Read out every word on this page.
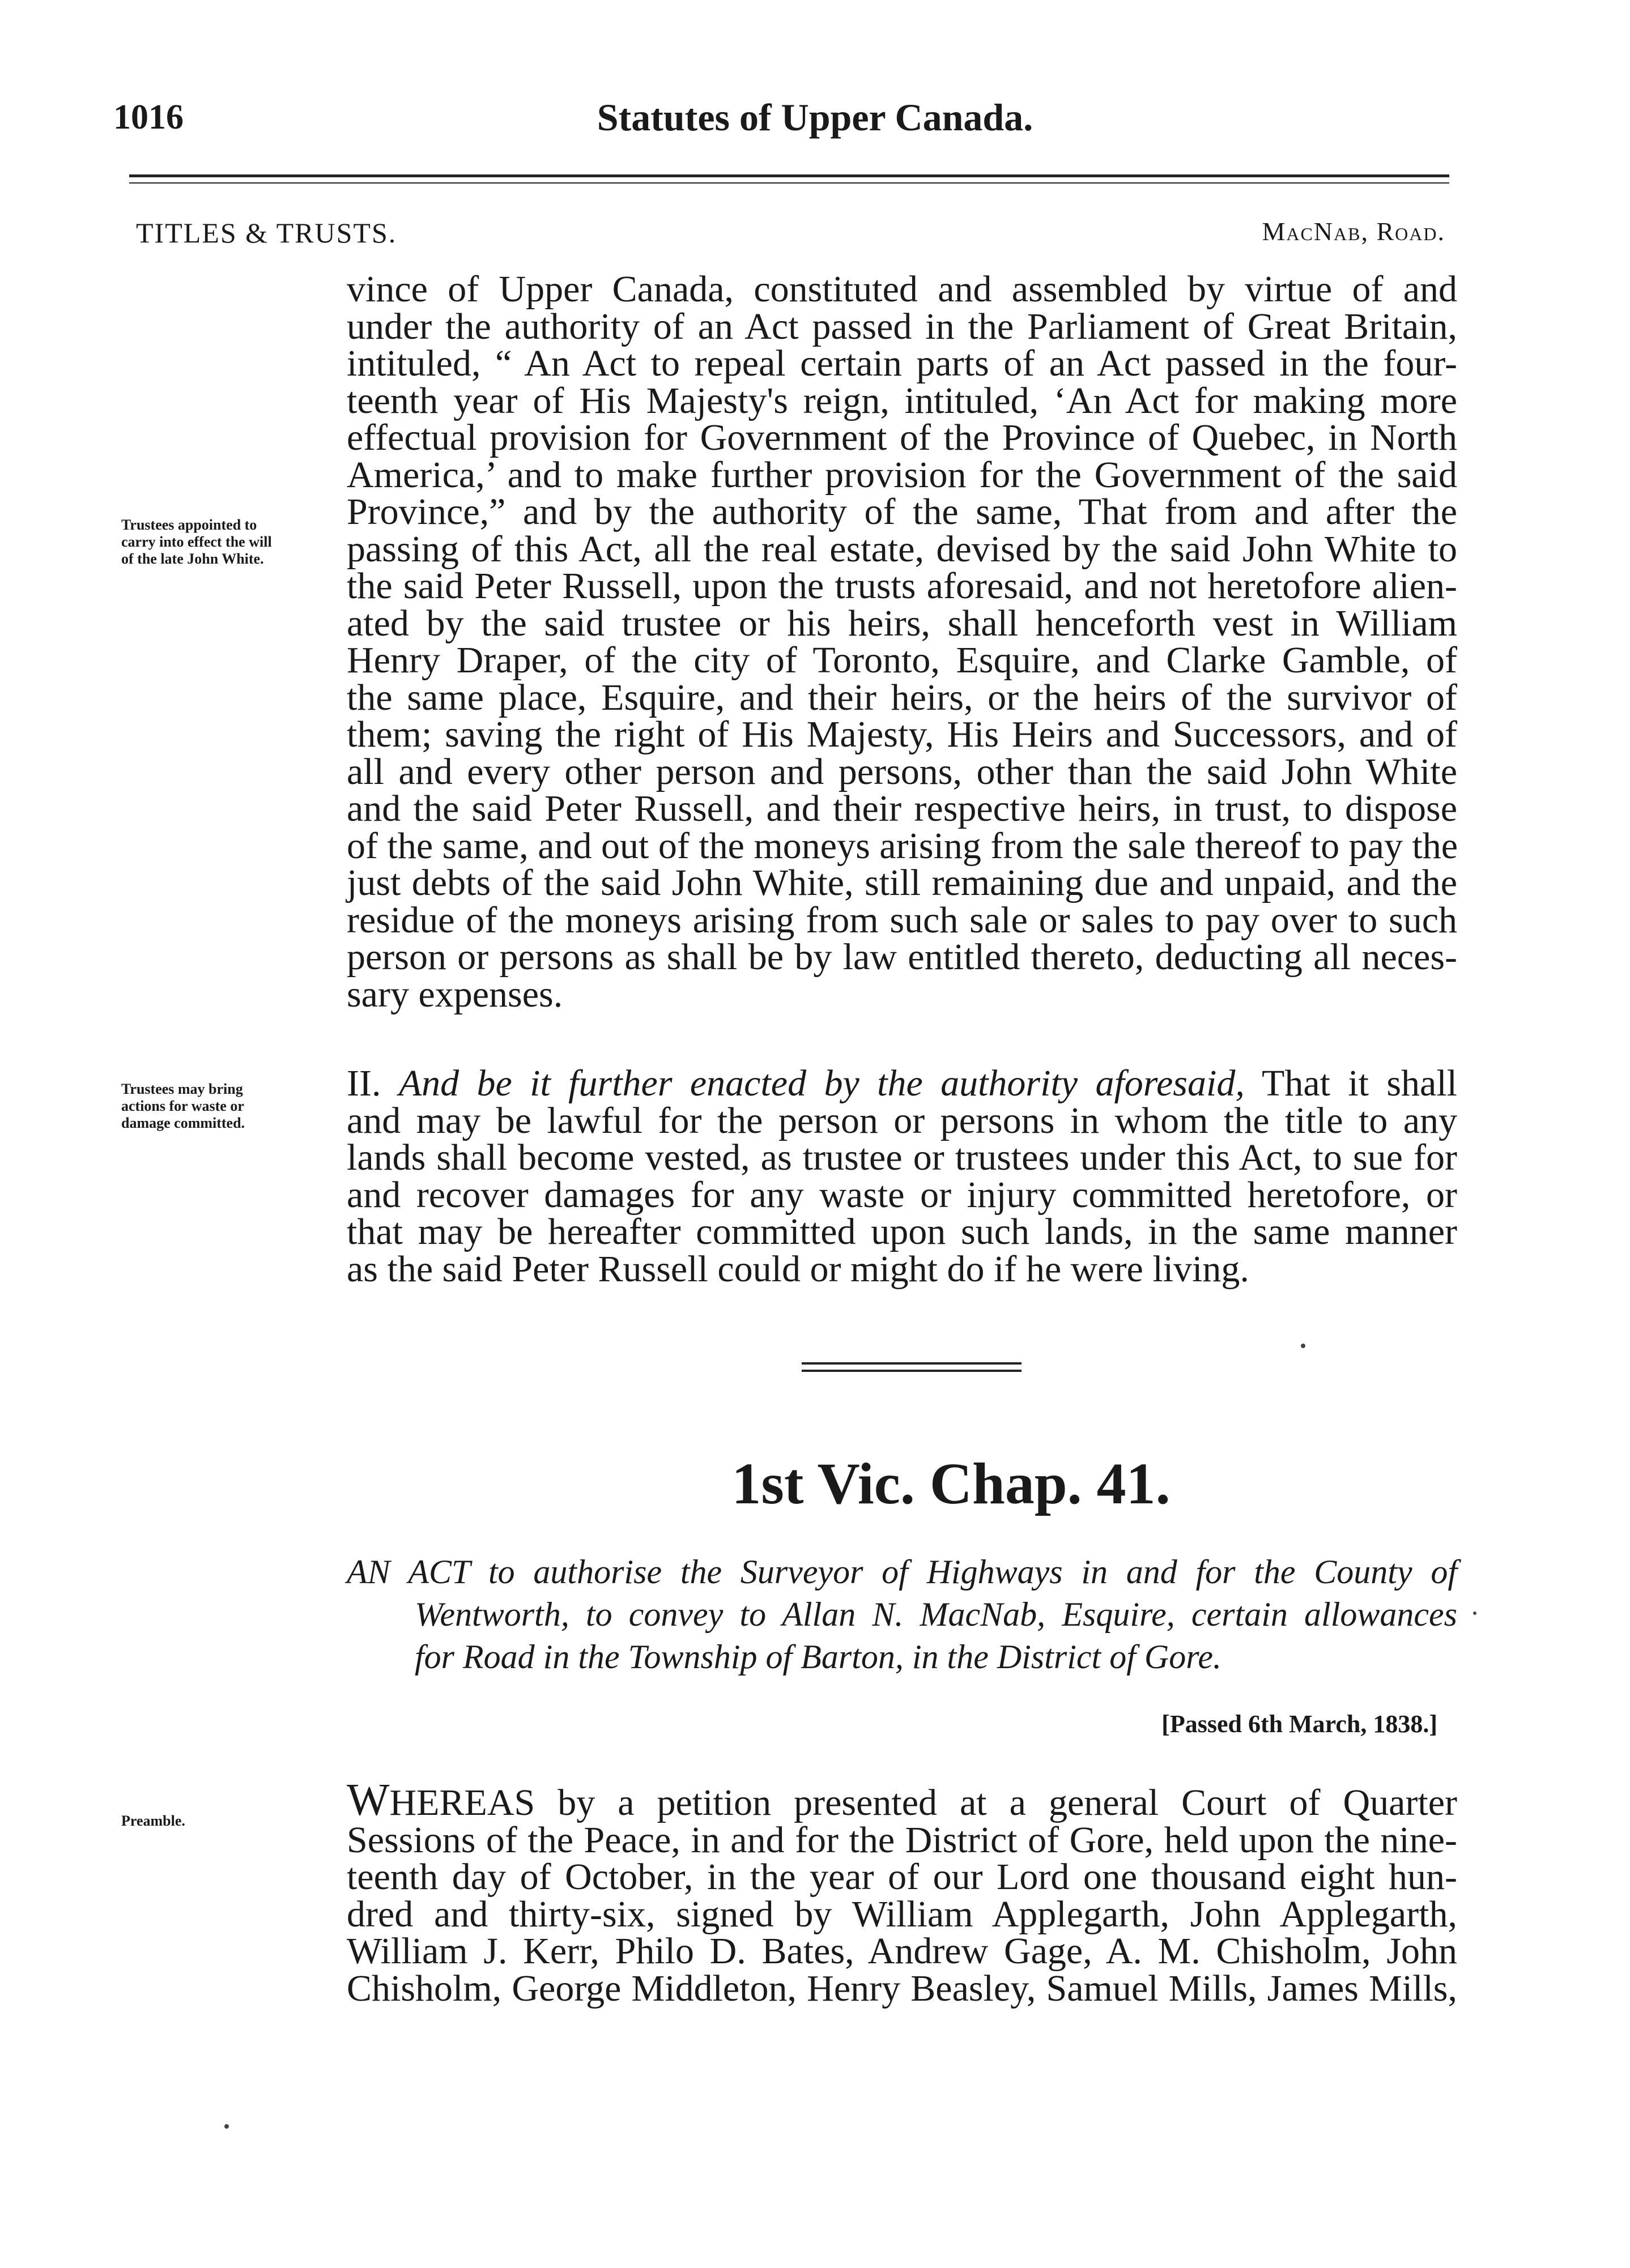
1016	Statutes of Upper Canada.
TITLES & TRUSTS.	MacNab, Road.
vince of Upper Canada, constituted and assembled by virtue of and
under the authority of an Act passed in the Parliament of Great Britain,
intituled, “ An Act to repeal certain parts of an Act passed in the four-
teenth year of His Majesty's reign, intituled, ‘An Act for making more
effectual provision for Government of the Province of Quebec, in North
America,’ and to make further provision for the Government of the said
Province,” and by the authority of the same, That from and after the
passing of this Act, all the real estate, devised by the said John White to
the said Peter Russell, upon the trusts aforesaid, and not heretofore alien-
ated by the said trustee or his heirs, shall henceforth vest in William
Henry Draper, of the city of Toronto, Esquire, and Clarke Gamble, of
the same place, Esquire, and their heirs, or the heirs of the survivor of
them; saving the right of His Majesty, His Heirs and Successors, and of
all and every other person and persons, other than the said John White
and the said Peter Russell, and their respective heirs, in trust, to dispose
of the same, and out of the moneys arising from the sale thereof to pay the
just debts of the said John White, still remaining due and unpaid, and the
residue of the moneys arising from such sale or sales to pay over to such
person or persons as shall be by law entitled thereto, deducting all neces-
sary expenses.
Trustees appointed to
carry into effect the will
of the late John White.
II. And be it further enacted by the authority aforesaid, That it shall
and may be lawful for the person or persons in whom the title to any
lands shall become vested, as trustee or trustees under this Act, to sue for
and recover damages for any waste or injury committed heretofore, or
that may be hereafter committed upon such lands, in the same manner
as the said Peter Russell could or might do if he were living.
Trustees may bring
actions for waste or
damage committed.
1st Vic. Chap. 41.
AN ACT to authorise the Surveyor of Highways in and for the County of
Wentworth, to convey to Allan N. MacNab, Esquire, certain allowances
for Road in the Township of Barton, in the District of Gore.
[Passed 6th March, 1838.]
Preamble.	WHEREAS by a petition presented at a general Court of Quarter
Sessions of the Peace, in and for the District of Gore, held upon the nine-
teenth day of October, in the year of our Lord one thousand eight hun-
dred and thirty-six, signed by William Applegarth, John Applegarth,
William J. Kerr, Philo D. Bates, Andrew Gage, A. M. Chisholm, John
Chisholm, George Middleton, Henry Beasley, Samuel Mills, James Mills,
